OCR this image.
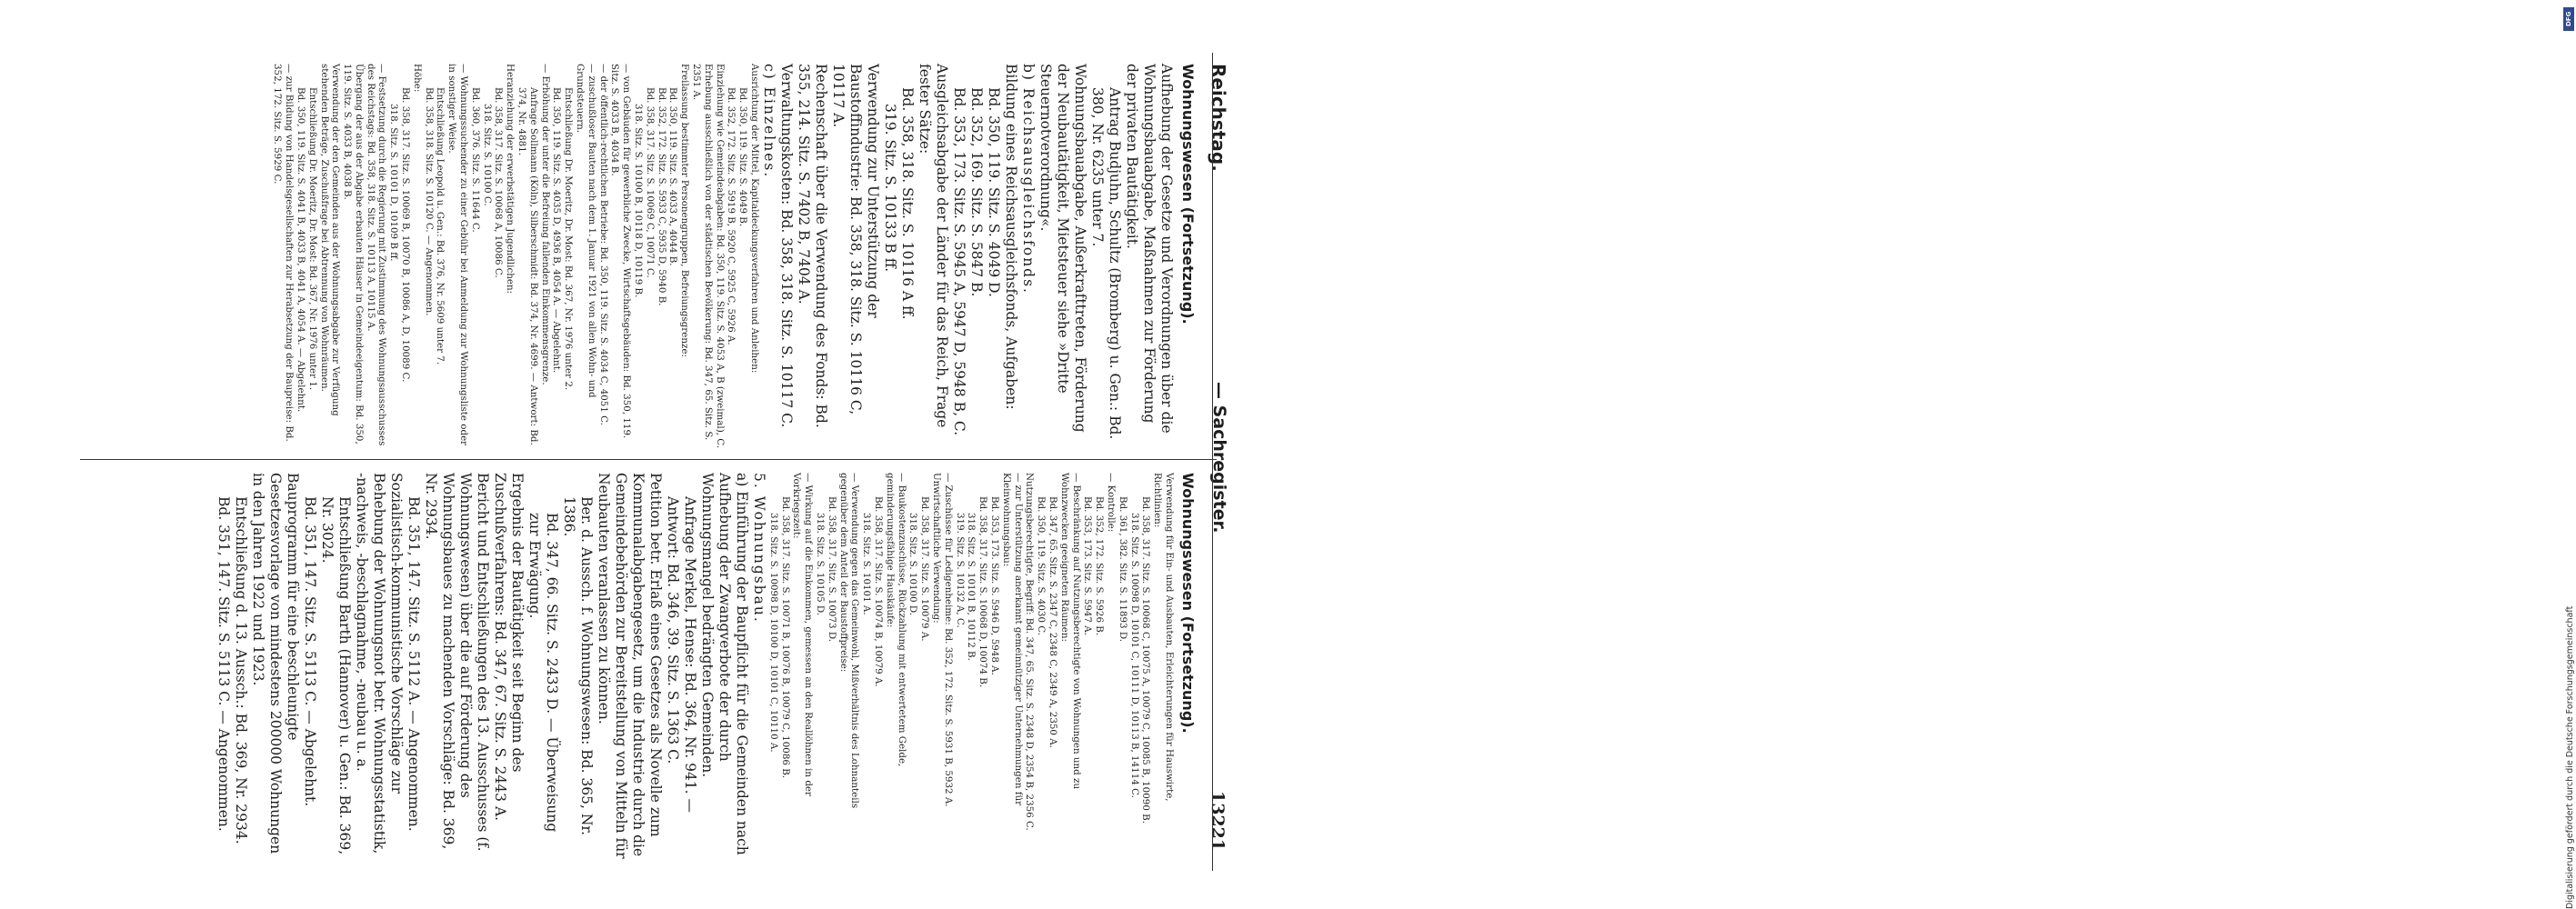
DFG
Digitalisierung gefördert durch die Deutsche Forschungsgemeinschaft
Reichstag.
— Sachregister.
13221

Wohnungswesen (Fortsetzung).

Aufhebung der Gesetze und Verordnungen über die Wohnungsbauabgabe, Maßnahmen zur Förderung der privaten Bautätigkeit.

Antrag Budjuhn, Schultz (Bromberg) u. Gen.: Bd. 380, Nr. 6235 unter 7.

Wohnungsbauabgabe, Außerkrafttreten, Förderung der Neubautätigkeit, Mietsteuer siehe »Dritte Steuernotverordnung«.

b) Reichsausgleichsfonds.

Bildung eines Reichsausgleichsfonds, Aufgaben:

Bd. 350, 119. Sitz. S. 4049 D.

Bd. 352, 169. Sitz. S. 5847 B.

Bd. 353, 173. Sitz. S. 5945 A, 5947 D, 5948 B, C.

Ausgleichsabgabe der Länder für das Reich, Frage fester Sätze:

Bd. 358, 318. Sitz. S. 10116 A ff.

319. Sitz. S. 10133 B ff.

Verwendung zur Unterstützung der Baustoffindustrie: Bd. 358, 318. Sitz. S. 10116 C, 10117 A.

Rechenschaft über die Verwendung des Fonds: Bd. 355, 214. Sitz. S. 7402 B, 7404 A.

Verwaltungskosten: Bd. 358, 318. Sitz. S. 10117 C.

c) Einzelnes.

Ausrichtung der Mittel, Kapitaldeckungsverfahren und Anleihen:

Bd. 350, 119. Sitz. S. 4049 B.

Bd. 352, 172. Sitz. S. 5919 B, 5920 C, 5925 C, 5926 A.

Einziehung wie Gemeindeabgaben: Bd. 350, 119. Sitz. S. 4053 A, B (zweimal), C.

Erhebung ausschließlich von der städtischen Bevölkerung: Bd. 347, 65. Sitz. S. 2351 A.

Freilassung bestimmter Personengruppen, Befreiungsgrenze:

Bd. 350, 119. Sitz. S. 4033 A, 4044 B.

Bd. 352, 172. Sitz. S. 5933 C, 5935 D, 5940 B.

Bd. 358, 317. Sitz. S. 10069 C, 10071 C.

318. Sitz. S. 10100 B, 10118 D, 10119 B.

— von Gebäuden für gewerbliche Zwecke, Wirtschaftsgebäuden: Bd. 350, 119. Sitz. S. 4033 B, 4034 B.

— der öffentlich-rechtlichen Betriebe: Bd. 350, 119. Sitz. S. 4034 C, 4051 C.

— zuschußloser Bauten nach dem 1. Januar 1921 von allen Wohn- und Grundsteuern.

Entschließung Dr. Moeritz, Dr. Most: Bd. 367, Nr. 1976 unter 2.

Bd. 350, 119. Sitz. S. 4035 D, 4936 B, 4054 A. — Abgelehnt.

— Erhöhung der unter die Befreiung fallenden Einkommensgrenze.

Anfrage Sollmann (Köln), Silberschmidt: Bd. 374, Nr. 4699. — Antwort: Bd. 374, Nr. 4881.

Heranziehung der erwerbstätigen Jugendlichen:

Bd. 358, 317. Sitz. S. 10068 A, 10086 C.

318. Sitz. S. 10100 C.

Bd. 360, 376. Sitz. S. 11644 C.

— Wohnungssuchender zu einer Gebühr bei Anmeldung zur Wohnungsliste oder in sonstiger Weise.

Entschließung Leopold u. Gen.: Bd. 376, Nr. 5609 unter 7.

Bd. 358, 318. Sitz. S. 10120 C. — Angenommen.

Höhe:

Bd. 358, 317. Sitz. S. 10069 B, 10070 B, 10086 A, D, 10089 C.

318. Sitz. S. 10101 D, 10109 B ff.

— Festsetzung durch die Regierung mit Zustimmung des Wohnungsausschusses des Reichstags: Bd. 358, 318. Sitz. S. 10113 A, 10115 A.

Übergang der aus der Abgabe erbauten Häuser in Gemeindeeigentum: Bd. 350, 119. Sitz. S. 4033 B, 4038 B.

Verwendung der den Gemeinden aus der Wohnungsabgabe zur Verfügung stehenden Beträge, Zuschußfrage bei Abtrennung von Wohnräumen.

Entschließung Dr. Moeritz, Dr. Most: Bd. 367, Nr. 1976 unter 1.

Bd. 350, 119. Sitz. S. 4041 B, 4033 B, 4041 A, 4054 A. — Abgelehnt.

— zur Bildung von Handelsgesellschaften zur Herabsetzung der Baupreise: Bd. 352, 172. Sitz. S. 5929 C.

Wohnungswesen (Fortsetzung).

Verwendung für Ein- und Ausbauten, Erleichterungen für Hauswirte, Richtlinien:

Bd. 358, 317. Sitz. S. 10068 C, 10075 A, 10079 C, 10085 B, 10090 B.

318. Sitz. S. 10098 D, 10101 C, 10111 D, 10113 B, 14114 C.

Bd. 361, 382. Sitz. S. 11893 D.

— Kontrolle:

Bd. 352, 172. Sitz. S. 5926 B.

Bd. 353, 173. Sitz. S. 5947 A.

— Beschränkung auf Nutzungsberechtigte von Wohnungen und zu Wohnzwecken geeigneten Räumen:

Bd. 347, 65. Sitz. S. 2347 C, 2348 C, 2349 A, 2350 A.

Bd. 350, 119. Sitz. S. 4030 C.

Nutzungsberechtigte, Begriff: Bd. 347, 65. Sitz. S. 2348 D, 2354 B, 2356 C.

— zur Unterstützung anerkannt gemeinnütziger Unternehmungen für Kleinwohnungsbau:

Bd. 353, 173. Sitz. S. 5946 D, 5948 A.

Bd. 358, 317. Sitz. S. 10068 D, 10074 B.

318. Sitz. S. 10101 B, 10112 B.

319. Sitz. S. 10132 A, C.

— Zuschüsse für Ledigenheime: Bd. 352, 172. Sitz. S. 5931 B, 5932 A.

Unwirtschaftliche Verwendung:

Bd. 358, 317. Sitz. S. 10079 A.

318. Sitz. S. 10100 D.

— Baukostenzuschüsse, Rückzahlung mit entwertetem Gelde, geminderungsfähige Hauskäufe:

Bd. 358, 317. Sitz. S. 10074 B, 10079 A.

318. Sitz. S. 10101 A.

— Verwendung gegen das Gemeinwohl, Mißverhältnis des Lohnanteils gegenüber dem Anteil der Baustoffpreise:

Bd. 358, 317. Sitz. S. 10073 D.

318. Sitz. S. 10105 D.

— Wirkung auf die Einkommen, gemessen an den Reallöhnen in der Vorkriegszeit:

Bd. 358, 317. Sitz. S. 10071 B, 10076 B, 10079 C, 10086 B.

318. Sitz. S. 10098 D, 10100 D, 10101 C, 10110 A.

5. Wohnungsbau.

a) Einführung der Baupflicht für die Gemeinden nach Aufhebung der Zwangverbote der durch Wohnungsmangel bedrängten Gemeinden.

Anfrage Merkel, Hense: Bd. 364, Nr. 941. — Antwort: Bd. 346, 39. Sitz. S. 1363 C.

Petition betr. Erlaß eines Gesetzes als Novelle zum Kommunalabgabengesetz, um die Industrie durch die Gemeindebehörden zur Bereitstellung von Mitteln für Neubauten veranlassen zu können.

Ber. d. Aussch. f. Wohnungswesen: Bd. 365, Nr. 1386.

Bd. 347, 66. Sitz. S. 2433 D. — Überweisung zur Erwägung.

Ergebnis der Bautätigkeit seit Beginn des Zuschußverfahrens: Bd. 347, 67. Sitz. S. 2443 A.

Bericht und Entschließungen des 13. Ausschusses (f. Wohnungswesen) über die auf Förderung des Wohnungsbaues zu machenden Vorschläge: Bd. 369, Nr. 2934.

Bd. 351, 147. Sitz. S. 5112 A. — Angenommen.

Sozialistisch-kommunistische Vorschläge zur Behebung der Wohnungsnot betr. Wohnungsstatistik, -nachweis, -beschlagnahme, -neubau u. a.

Entschließung Barth (Hannover) u. Gen.: Bd. 369, Nr. 3024.

Bd. 351, 147. Sitz. S. 5113 C. — Abgelehnt.

Bauprogramm für eine beschleunigte Gesetzesvorlage von mindestens 200000 Wohnungen in den Jahren 1922 und 1923.

Entschließung d. 13. Aussch.: Bd. 369, Nr. 2934.

Bd. 351, 147. Sitz. S. 5113 C. — Angenommen.
